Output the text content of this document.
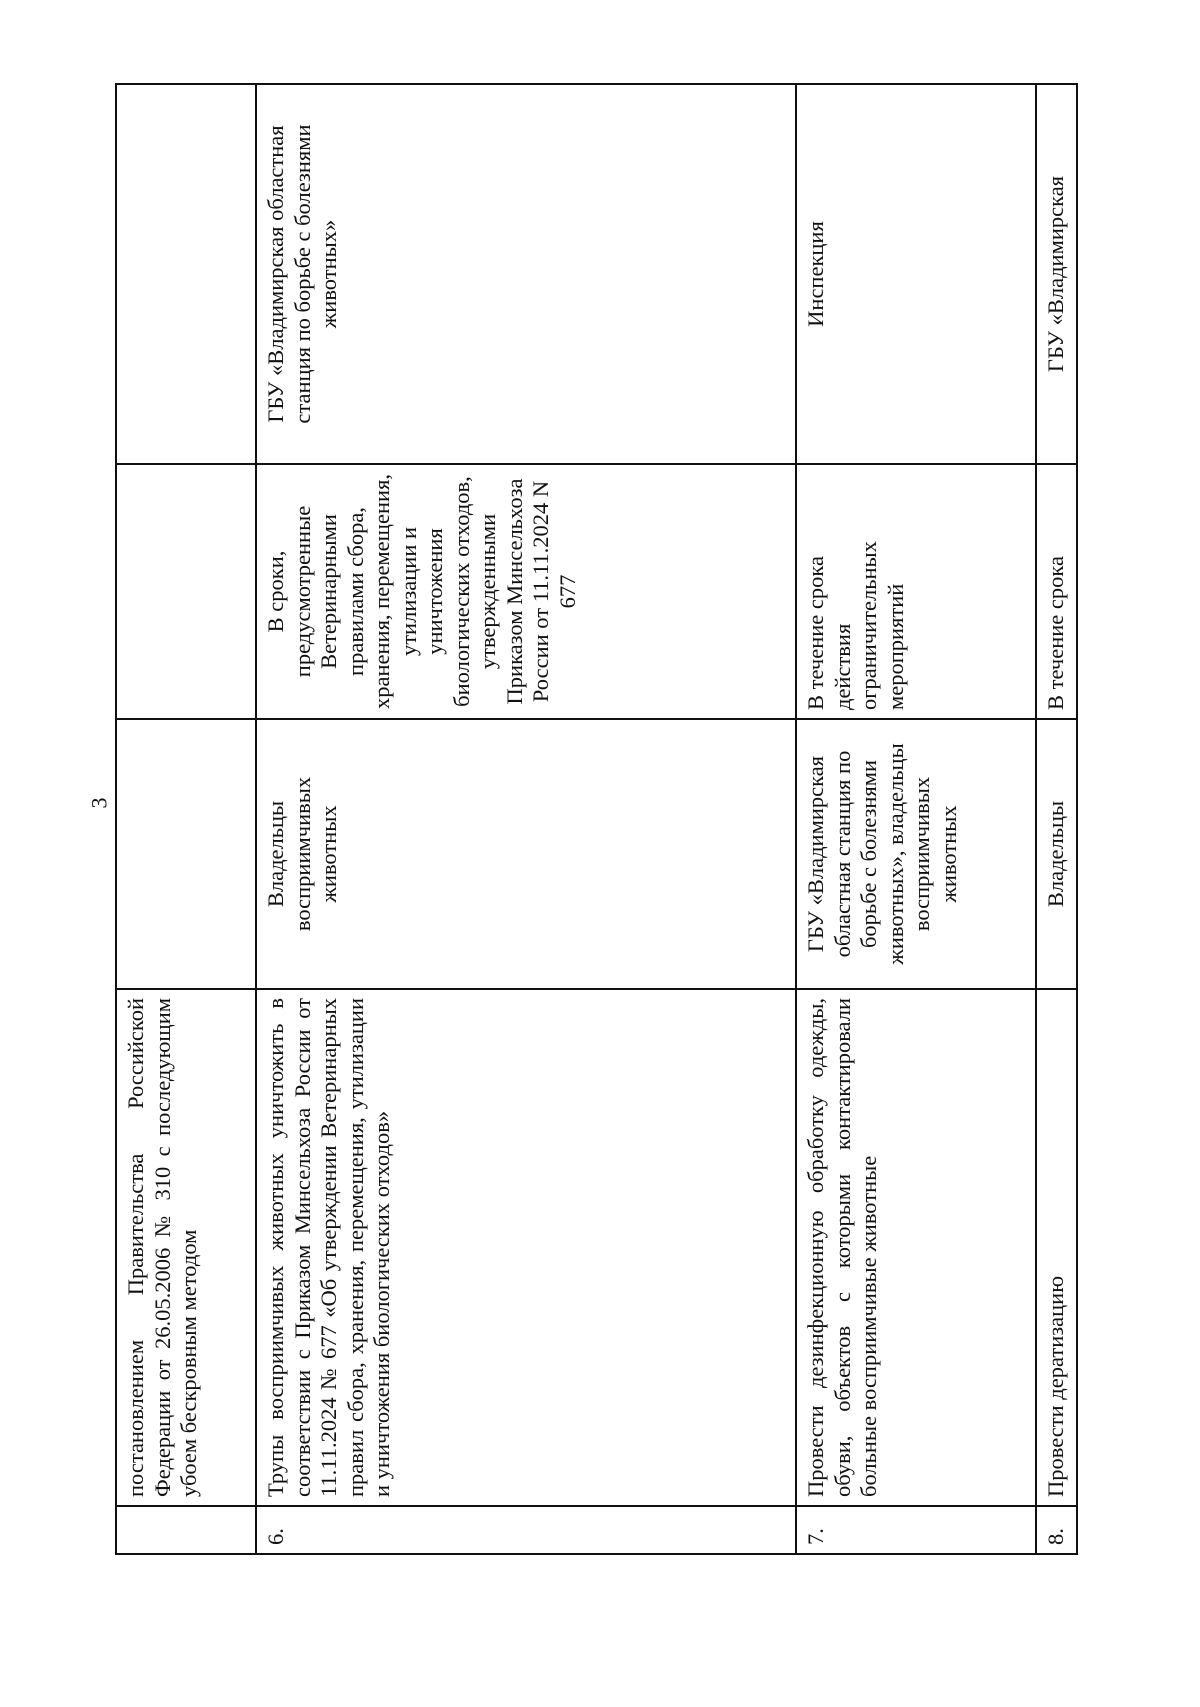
3
	постановлением Правительства Российской Федерации от 26.05.2006 № 310 с последующим убоем бескровным методом			
6.	Трупы восприимчивых животных уничтожить в соответствии с Приказом Минсельхоза России от 11.11.2024 № 677 «Об утверждении Ветеринарных правил сбора, хранения, перемещения, утилизации и уничтожения биологических отходов»	Владельцы восприимчивых животных	В сроки, предусмотренные Ветеринарными правилами сбора, хранения, перемещения, утилизации и уничтожения биологических отходов, утвержденными Приказом Минсельхоза России от 11.11.2024 N 677	ГБУ «Владимирская областная станция по борьбе с болезнями животных»
7.	Провести дезинфекционную обработку одежды, обуви, объектов с которыми контактировали больные восприимчивые животные	ГБУ «Владимирская областная станция по борьбе с болезнями животных», владельцы восприимчивых животных	В течение срока действия ограничительных мероприятий	Инспекция
8.	Провести дератизацию	Владельцы	В течение срока	ГБУ «Владимирская
